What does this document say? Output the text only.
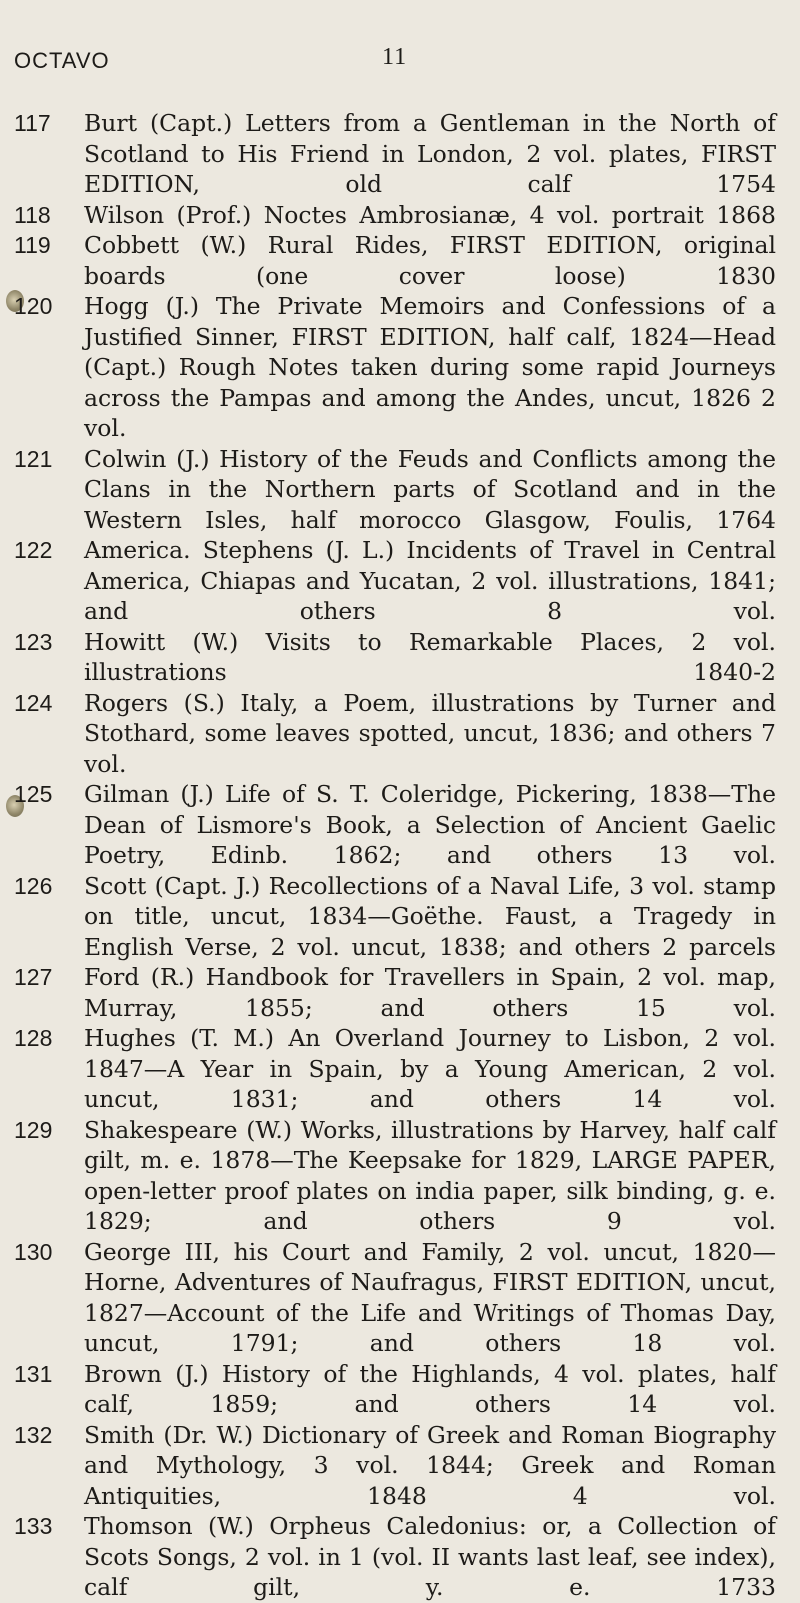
OCTAVO	11
117	Burt (Capt.) Letters from a Gentleman in the North of Scotland to His Friend in London, 2 vol. plates, FIRST EDITION, old calf 1754
118	Wilson (Prof.) Noctes Ambrosianæ, 4 vol. portrait 1868
119	Cobbett (W.) Rural Rides, FIRST EDITION, original boards (one cover loose) 1830
120	Hogg (J.) The Private Memoirs and Confessions of a Justified Sinner, FIRST EDITION, half calf, 1824—Head (Capt.) Rough Notes taken during some rapid Journeys across the Pampas and among the Andes, uncut, 1826 2 vol.
121	Colwin (J.) History of the Feuds and Conflicts among the Clans in the Northern parts of Scotland and in the Western Isles, half morocco Glasgow, Foulis, 1764
122	America. Stephens (J. L.) Incidents of Travel in Central America, Chiapas and Yucatan, 2 vol. illustrations, 1841; and others 8 vol.
123	Howitt (W.) Visits to Remarkable Places, 2 vol. illustrations 1840-2
124	Rogers (S.) Italy, a Poem, illustrations by Turner and Stothard, some leaves spotted, uncut, 1836; and others 7 vol.
125	Gilman (J.) Life of S. T. Coleridge, Pickering, 1838—The Dean of Lismore's Book, a Selection of Ancient Gaelic Poetry, Edinb. 1862; and others 13 vol.
126	Scott (Capt. J.) Recollections of a Naval Life, 3 vol. stamp on title, uncut, 1834—Goëthe. Faust, a Tragedy in English Verse, 2 vol. uncut, 1838; and others 2 parcels
127	Ford (R.) Handbook for Travellers in Spain, 2 vol. map, Murray, 1855; and others 15 vol.
128	Hughes (T. M.) An Overland Journey to Lisbon, 2 vol. 1847—A Year in Spain, by a Young American, 2 vol. uncut, 1831; and others 14 vol.
129	Shakespeare (W.) Works, illustrations by Harvey, half calf gilt, m. e. 1878—The Keepsake for 1829, LARGE PAPER, open-letter proof plates on india paper, silk binding, g. e. 1829; and others 9 vol.
130	George III, his Court and Family, 2 vol. uncut, 1820—Horne, Adventures of Naufragus, FIRST EDITION, uncut, 1827—Account of the Life and Writings of Thomas Day, uncut, 1791; and others 18 vol.
131	Brown (J.) History of the Highlands, 4 vol. plates, half calf, 1859; and others 14 vol.
132	Smith (Dr. W.) Dictionary of Greek and Roman Biography and Mythology, 3 vol. 1844; Greek and Roman Antiquities, 1848 4 vol.
133	Thomson (W.) Orpheus Caledonius: or, a Collection of Scots Songs, 2 vol. in 1 (vol. II wants last leaf, see index), calf gilt, y. e. 1733
